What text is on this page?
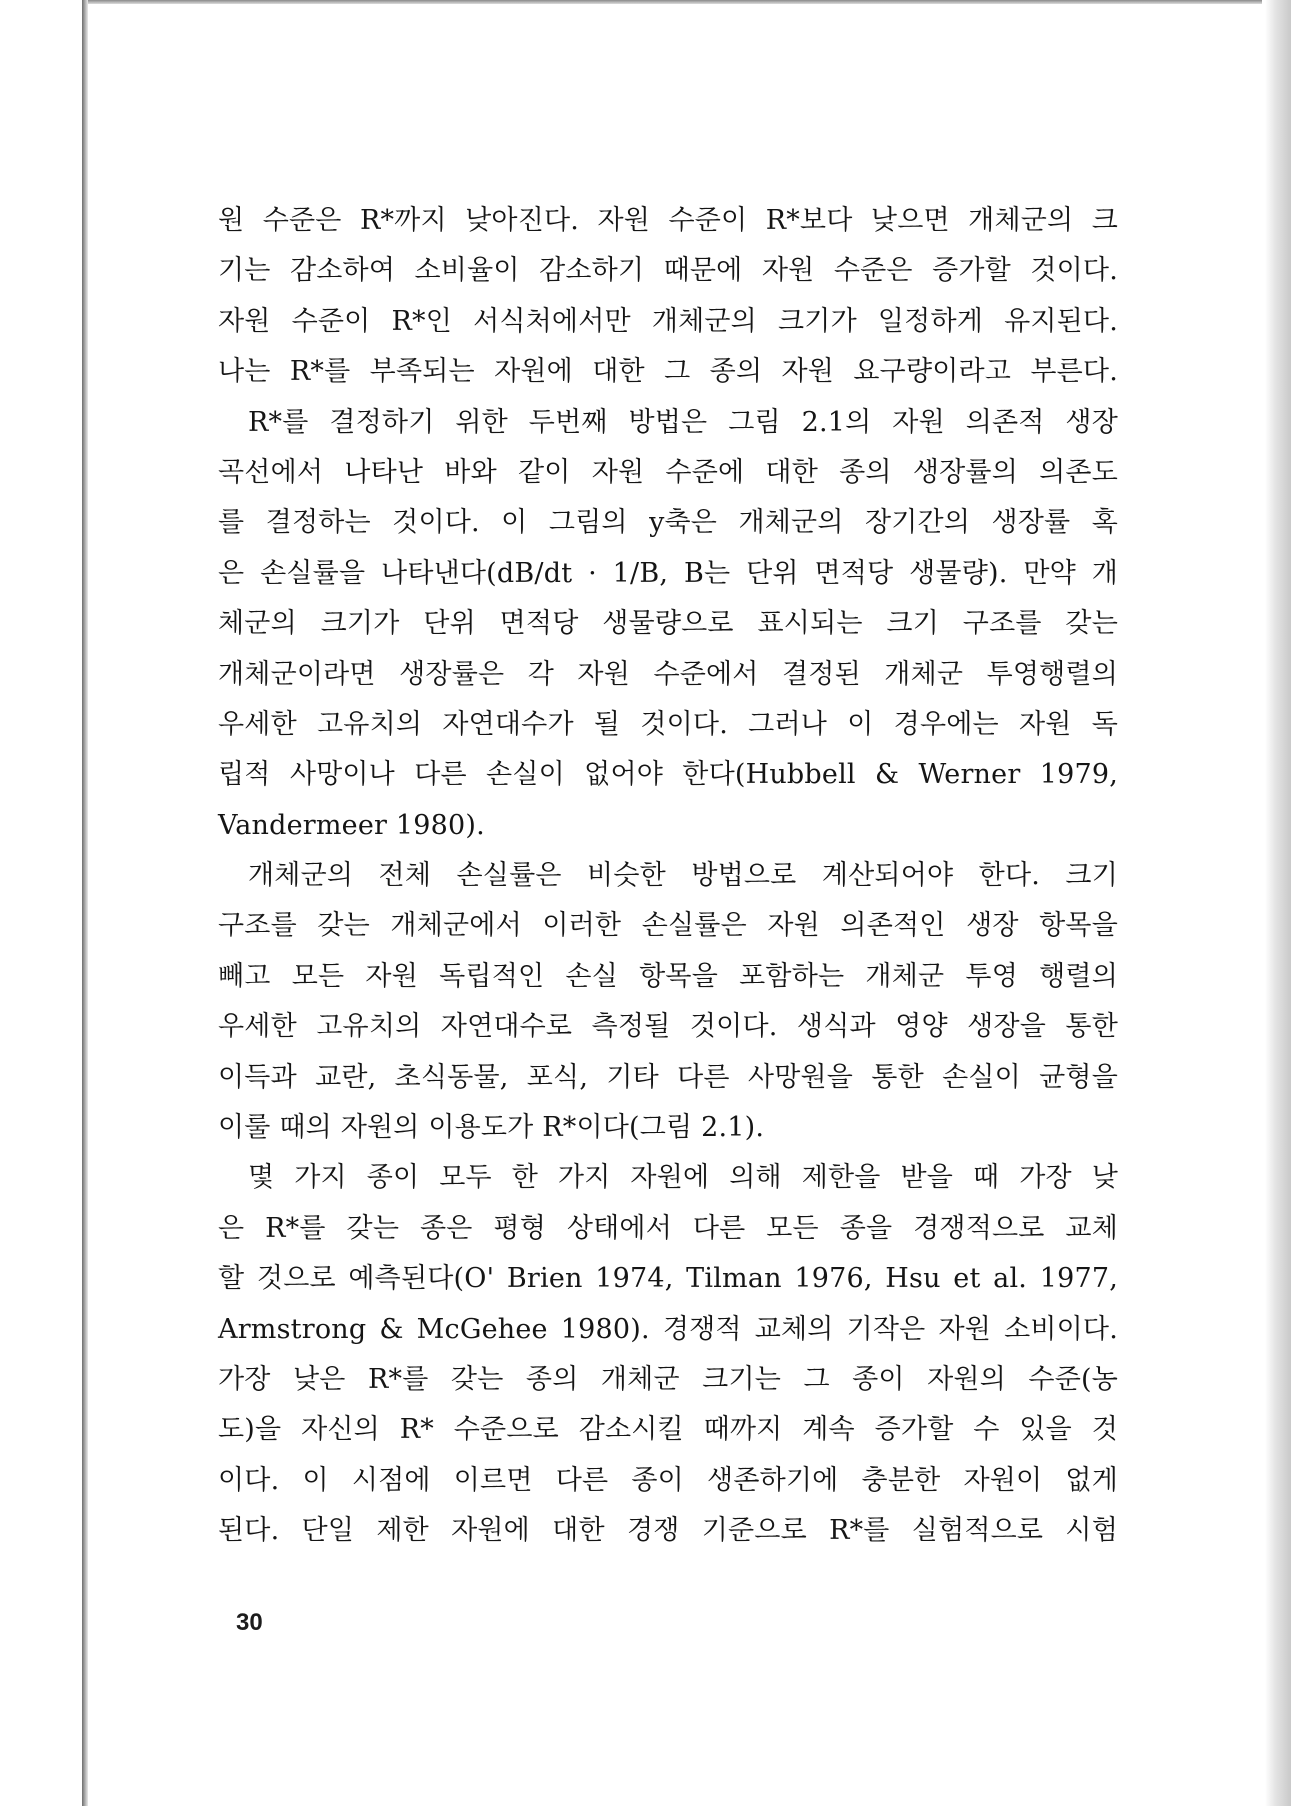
원 수준은 R*까지 낮아진다. 자원 수준이 R*보다 낮으면 개체군의 크
기는 감소하여 소비율이 감소하기 때문에 자원 수준은 증가할 것이다.
자원 수준이 R*인 서식처에서만 개체군의 크기가 일정하게 유지된다.
나는 R*를 부족되는 자원에 대한 그 종의 자원 요구량이라고 부른다.
R*를 결정하기 위한 두번째 방법은 그림 2.1의 자원 의존적 생장
곡선에서 나타난 바와 같이 자원 수준에 대한 종의 생장률의 의존도
를 결정하는 것이다. 이 그림의 y축은 개체군의 장기간의 생장률 혹
은 손실률을 나타낸다(dB/dt · 1/B, B는 단위 면적당 생물량). 만약 개
체군의 크기가 단위 면적당 생물량으로 표시되는 크기 구조를 갖는
개체군이라면 생장률은 각 자원 수준에서 결정된 개체군 투영행렬의
우세한 고유치의 자연대수가 될 것이다. 그러나 이 경우에는 자원 독
립적 사망이나 다른 손실이 없어야 한다(Hubbell & Werner 1979,
Vandermeer 1980).
개체군의 전체 손실률은 비슷한 방법으로 계산되어야 한다. 크기
구조를 갖는 개체군에서 이러한 손실률은 자원 의존적인 생장 항목을
빼고 모든 자원 독립적인 손실 항목을 포함하는 개체군 투영 행렬의
우세한 고유치의 자연대수로 측정될 것이다. 생식과 영양 생장을 통한
이득과 교란, 초식동물, 포식, 기타 다른 사망원을 통한 손실이 균형을
이룰 때의 자원의 이용도가 R*이다(그림 2.1).
몇 가지 종이 모두 한 가지 자원에 의해 제한을 받을 때 가장 낮
은 R*를 갖는 종은 평형 상태에서 다른 모든 종을 경쟁적으로 교체
할 것으로 예측된다(O' Brien 1974, Tilman 1976, Hsu et al. 1977,
Armstrong & McGehee 1980). 경쟁적 교체의 기작은 자원 소비이다.
가장 낮은 R*를 갖는 종의 개체군 크기는 그 종이 자원의 수준(농
도)을 자신의 R* 수준으로 감소시킬 때까지 계속 증가할 수 있을 것
이다. 이 시점에 이르면 다른 종이 생존하기에 충분한 자원이 없게
된다. 단일 제한 자원에 대한 경쟁 기준으로 R*를 실험적으로 시험
30
